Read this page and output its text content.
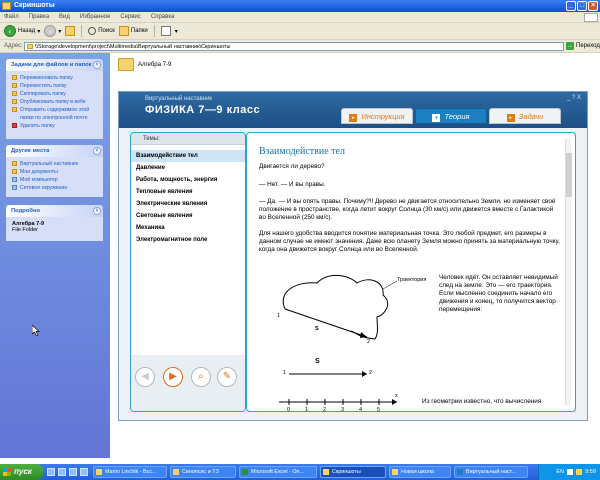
Скриншоты	_ □ ×
Файл Правка Вид Избранное Сервис Справка
‹	Назад ▾	›	▾	Поиск	Папки	▾
Адрес:	\\Storage\development\project\Multimedia\Виртуальный наставник\Скриншоты	→ Переход
Задачи для файлов и папок ˄
Переименовать папку
Переместить папку
Скопировать папку
Опубликовать папку в вебе
Отправить содержимое этой папки по электронной почте
Удалить папку
Другие места	˄
Виртуальный наставник
Мои документы
Мой компьютер
Сетевое окружение
Подробно	˄
Алгебра 7-9
File Folder
Алгебра 7-9
Виртуальный наставник
ФИЗИКА 7—9 класс
_ ? X
▸ Инструкция	▾ Теория	▸ Задачи
Темы:
Взаимодействие тел
Давление
Работа, мощность, энергия
Тепловые явления
Электрические явления
Световые явления
Механика
Электромагнитное поле
◀	▶	⌕	✎
Взаимодействие тел
Двигается ли дерево?
— Нет. — И вы правы.
— Да. — И вы опять правы. Почему?!! Дерево не двигается относительно Земли, но изменяет своё положение в пространстве, когда летит вокруг Солнца (30 км/с) или движется вместе с Галактикой во Вселенной (250 км/с).
Для нашего удобства вводится понятие материальная точка. Это любой предмет, его размеры в данном случае не имеют значения. Даже всю планету Земля можно принять за материальную точку, когда она движется вокруг Солнца или во Вселенной.
Человек идёт. Он оставляет невидимый след на земле. Это — его траектория. Если мысленно соединить начало его движения и конец, то получится вектор перемещения:
Из геометрии известно, что вычисления
Траектория
1
2
S
1	2
S
x
0	1	2	3	4	5
пуск	Marim Linchik - Bcс...	Синопсис и ТЗ	Microsoft Excel - Оп...	Скриншоты	Новая школа	Виртуальный наст...	EN	9:59
